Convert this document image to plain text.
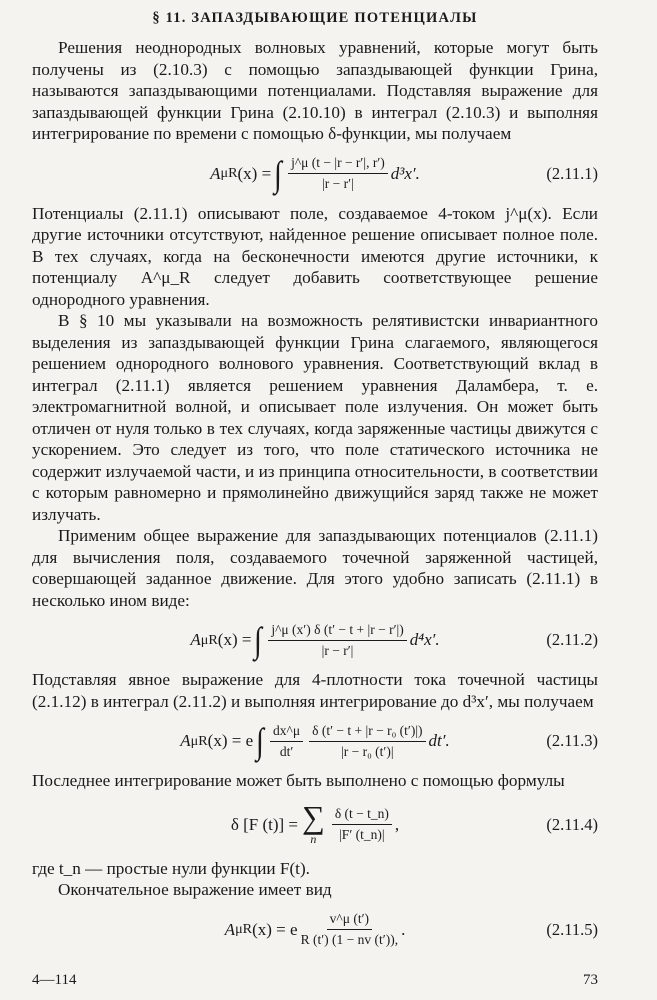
§ 11. ЗАПАЗДЫВАЮЩИЕ ПОТЕНЦИАЛЫ

Решения неоднородных волновых уравнений, которые могут быть получены из (2.10.3) с помощью запаздывающей функции Грина, называются запаздывающими потенциалами. Подставляя выражение для запаздывающей функции Грина (2.10.10) в интеграл (2.10.3) и выполняя интегрирование по времени с помощью δ-функции, мы получаем

A μ R (x) = ∫ $\frac{j\^{}\mu (t - |r - r'|, r')}{|r - r'|} d^3x'$.	(2.11.1)

Потенциалы (2.11.1) описывают поле, создаваемое 4-током j^μ(x). Если другие источники отсутствуют, найденное решение описывает полное поле. В тех случаях, когда на бесконечности имеются другие источники, к потенциалу A^μ_R следует добавить соответствующее решение однородного уравнения.

В § 10 мы указывали на возможность релятивистски инвариантного выделения из запаздывающей функции Грина слагаемого, являющегося решением однородного волнового уравнения. Соответствующий вклад в интеграл (2.11.1) является решением уравнения Даламбера, т. е. электромагнитной волной, и описывает поле излучения. Он может быть отличен от нуля только в тех случаях, когда заряженные частицы движутся с ускорением. Это следует из того, что поле статического источника не содержит излучаемой части, и из принципа относительности, в соответствии с которым равномерно и прямолинейно движущийся заряд также не может излучать.

Применим общее выражение для запаздывающих потенциалов (2.11.1) для вычисления поля, создаваемого точечной заряженной частицей, совершающей заданное движение. Для этого удобно записать (2.11.1) в несколько ином виде:

A μ R (x) = ∫ $\frac{j\^{}\mu (x') \delta (t' - t + |r - r'|)}{|r - r'|} d^4x'$.	(2.11.2)

Подставляя явное выражение для 4-плотности тока точечной частицы (2.1.12) в интеграл (2.11.2) и выполняя интегрирование до d³x′, мы получаем

A μ R (x) = e ∫ $\frac{dx\^{}\mu}{dt'} \frac{\text{δ (t′ − t + |r − r₀ (t′)|)}}{\text{|r − r₀ (t′)|}} dt'$.	(2.11.3)

Последнее интегрирование может быть выполнено с помощью формулы

δ [F (t)] = ∑
n $\frac{\delta (t - t\_n)}{|F' (t\_n)|}$ ,	(2.11.4)

где t_n — простые нули функции F(t).

Окончательное выражение имеет вид

A μ R (x) = e $\frac{v\^{}\mu (t')}{R (t') (1 - nv (t')),}$ .	(2.11.5)
4—114	73
